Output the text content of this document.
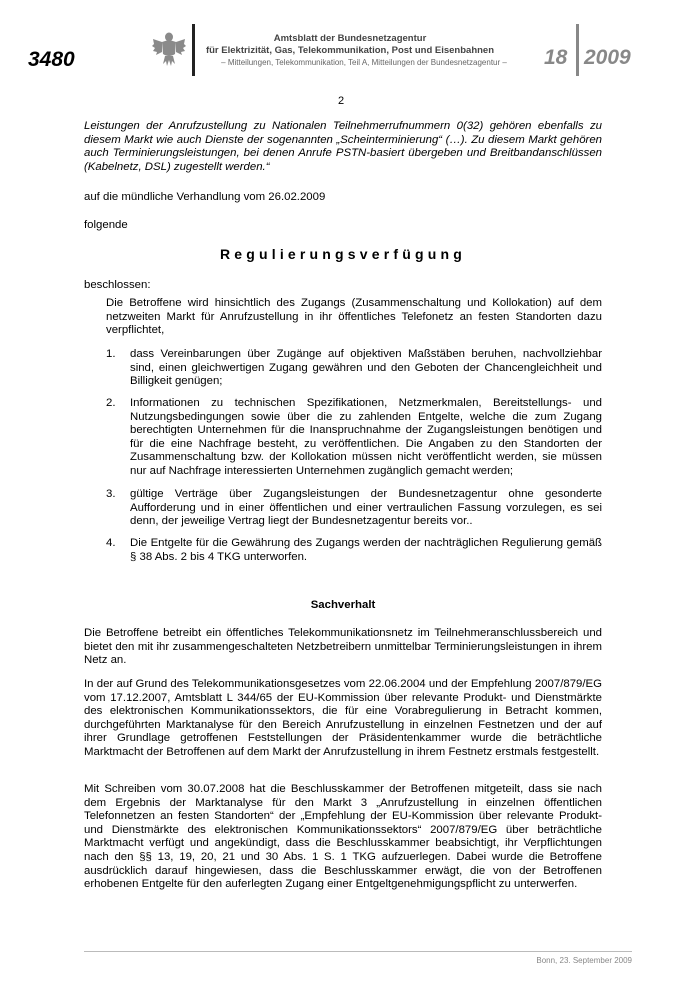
3480
Amtsblatt der Bundesnetzagentur
für Elektrizität, Gas, Telekommunikation, Post und Eisenbahnen
– Mitteilungen, Telekommunikation, Teil A, Mitteilungen der Bundesnetzagentur –	18 2009
2
Leistungen der Anrufzustellung zu Nationalen Teilnehmerrufnummern 0(32) gehören ebenfalls zu diesem Markt wie auch Dienste der sogenannten „Scheinterminierung“ (…). Zu diesem Markt gehören auch Terminierungsleistungen, bei denen Anrufe PSTN-basiert übergeben und Breitbandanschlüssen (Kabelnetz, DSL) zugestellt werden.“
auf die mündliche Verhandlung vom 26.02.2009
folgende
Regulierungsverfügung
beschlossen:
Die Betroffene wird hinsichtlich des Zugangs (Zusammenschaltung und Kollokation) auf dem netzweiten Markt für Anrufzustellung in ihr öffentliches Telefonetz an festen Standorten dazu verpflichtet,
1. dass Vereinbarungen über Zugänge auf objektiven Maßstäben beruhen, nachvollziehbar sind, einen gleichwertigen Zugang gewähren und den Geboten der Chancengleichheit und Billigkeit genügen;
2. Informationen zu technischen Spezifikationen, Netzmerkmalen, Bereitstellungs- und Nutzungsbedingungen sowie über die zu zahlenden Entgelte, welche die zum Zugang berechtigten Unternehmen für die Inanspruchnahme der Zugangsleistungen benötigen und für die eine Nachfrage besteht, zu veröffentlichen. Die Angaben zu den Standorten der Zusammenschaltung bzw. der Kollokation müssen nicht veröffentlicht werden, sie müssen nur auf Nachfrage interessierten Unternehmen zugänglich gemacht werden;
3. gültige Verträge über Zugangsleistungen der Bundesnetzagentur ohne gesonderte Aufforderung und in einer öffentlichen und einer vertraulichen Fassung vorzulegen, es sei denn, der jeweilige Vertrag liegt der Bundesnetzagentur bereits vor..
4. Die Entgelte für die Gewährung des Zugangs werden der nachträglichen Regulierung gemäß § 38 Abs. 2 bis 4 TKG unterworfen.
Sachverhalt
Die Betroffene betreibt ein öffentliches Telekommunikationsnetz im Teilnehmeranschlussbereich und bietet den mit ihr zusammengeschalteten Netzbetreibern unmittelbar Terminierungsleistungen in ihrem Netz an.
In der auf Grund des Telekommunikationsgesetzes vom 22.06.2004 und der Empfehlung 2007/879/EG vom 17.12.2007, Amtsblatt L 344/65 der EU-Kommission über relevante Produkt- und Dienstmärkte des elektronischen Kommunikationssektors, die für eine Vorabregulierung in Betracht kommen, durchgeführten Marktanalyse für den Bereich Anrufzustellung in einzelnen Festnetzen und der auf ihrer Grundlage getroffenen Feststellungen der Präsidentenkammer wurde die beträchtliche Marktmacht der Betroffenen auf dem Markt der Anrufzustellung in ihrem Festnetz erstmals festgestellt.
Mit Schreiben vom 30.07.2008 hat die Beschlusskammer der Betroffenen mitgeteilt, dass sie nach dem Ergebnis der Marktanalyse für den Markt 3 „Anrufzustellung in einzelnen öffentlichen Telefonnetzen an festen Standorten“ der „Empfehlung der EU-Kommission über relevante Produkt- und Dienstmärkte des elektronischen Kommunikationssektors“ 2007/879/EG über beträchtliche Marktmacht verfügt und angekündigt, dass die Beschlusskammer beabsichtigt, ihr Verpflichtungen nach den §§ 13, 19, 20, 21 und 30 Abs. 1 S. 1 TKG aufzuerlegen. Dabei wurde die Betroffene ausdrücklich darauf hingewiesen, dass die Beschlusskammer erwägt, die von der Betroffenen erhobenen Entgelte für den auferlegten Zugang einer Entgeltgenehmigungspflicht zu unterwerfen.
Bonn, 23. September 2009
